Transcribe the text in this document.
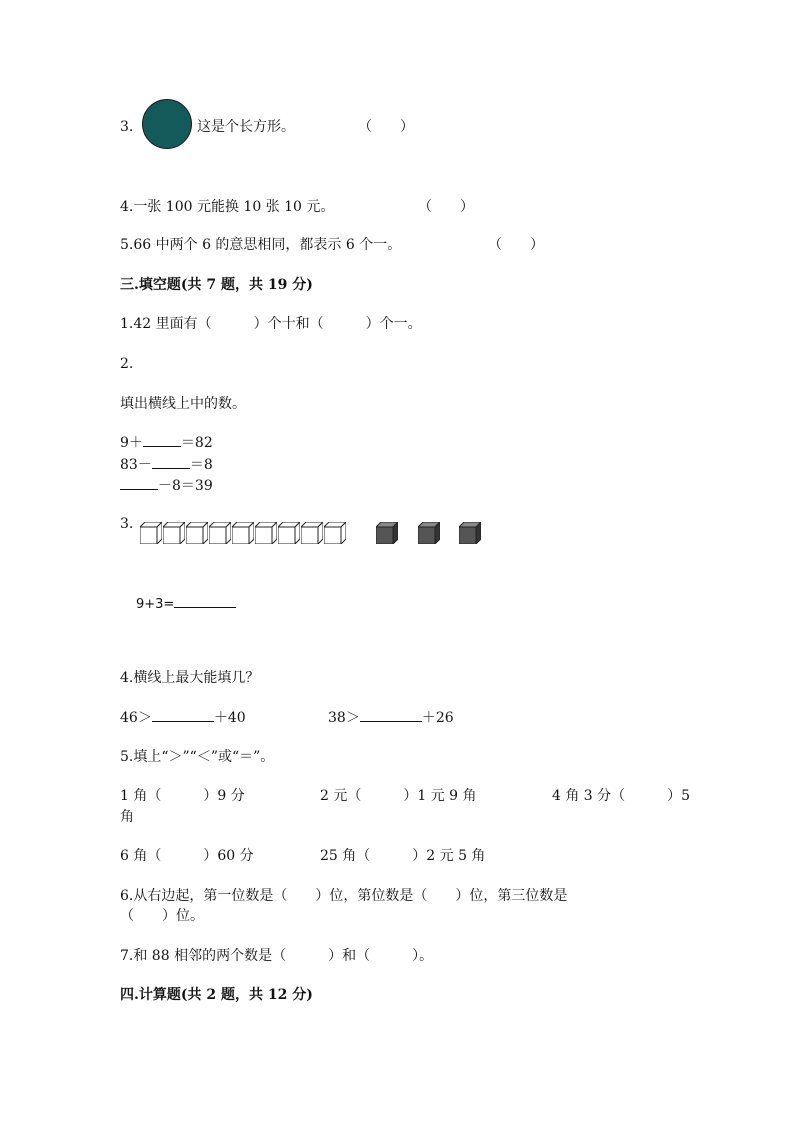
3.	这是个长方形。	（　　）
4.一张 100 元能换 10 张 10 元。	（　　）
5.66 中两个 6 的意思相同，都表示 6 个一。	（　　）
三.填空题(共 7 题，共 19 分)
1.42 里面有（　　　）个十和（　　　）个一。
2.
填出横线上中的数。
9＋	＝82
83－	＝8
－8＝39
3.
9+3=
4.横线上最大能填几？
46＞	＋40	38＞	＋26
5.填上“＞”“＜”或“＝”。
1 角（　　　）9 分	2 元（　　　）1 元 9 角	4 角 3 分（　　　）5
角
6 角（　　　）60 分	25 角（　　　）2 元 5 角
6.从右边起，第一位数是（　　）位，第位数是（　　）位，第三位数是
（　　）位。
7.和 88 相邻的两个数是（　　　）和（　　　）。
四.计算题(共 2 题，共 12 分)
